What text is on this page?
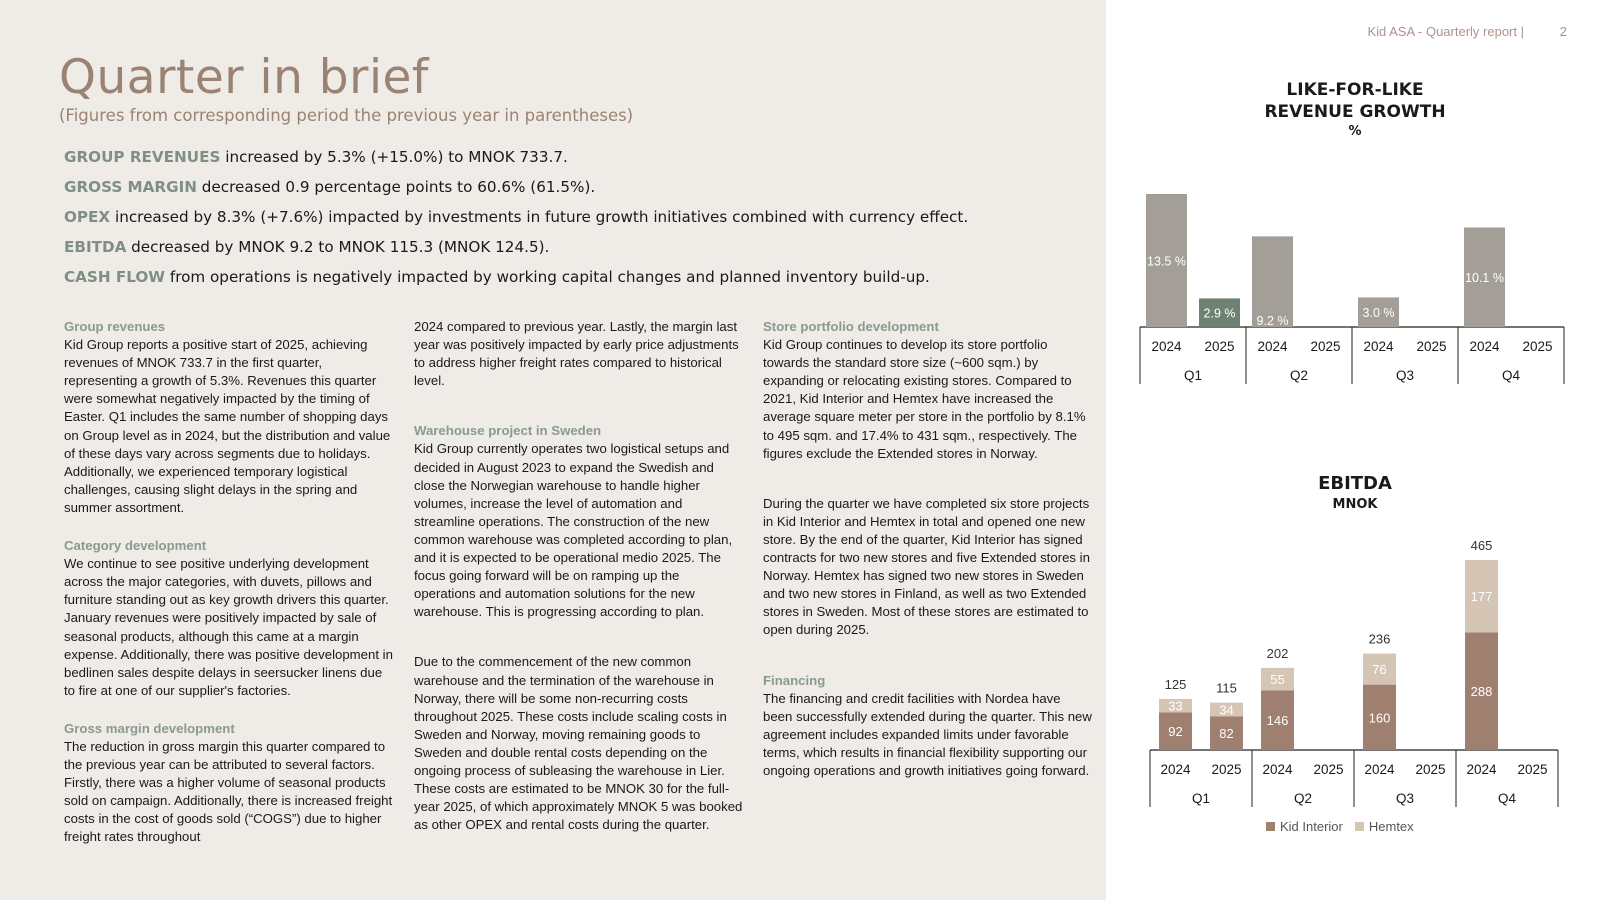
Quarter in brief
(Figures from corresponding period the previous year in parentheses)
GROUP REVENUES increased by 5.3% (+15.0%) to MNOK 733.7.
GROSS MARGIN decreased 0.9 percentage points to 60.6% (61.5%).
OPEX increased by 8.3% (+7.6%) impacted by investments in future growth initiatives combined with currency effect.
EBITDA decreased by MNOK 9.2 to MNOK 115.3 (MNOK 124.5).
CASH FLOW from operations is negatively impacted by working capital changes and planned inventory build-up.

Group revenues

Kid Group reports a positive start of 2025, achieving revenues of MNOK 733.7 in the first quarter, representing a growth of 5.3%. Revenues this quarter were somewhat negatively impacted by the timing of Easter. Q1 includes the same number of shopping days on Group level as in 2024, but the distribution and value of these days vary across segments due to holidays. Additionally, we experienced temporary logistical challenges, causing slight delays in the spring and summer assortment.

Category development

We continue to see positive underlying development across the major categories, with duvets, pillows and furniture standing out as key growth drivers this quarter. January revenues were positively impacted by sale of seasonal products, although this came at a margin expense. Additionally, there was positive development in bedlinen sales despite delays in seersucker linens due to fire at one of our supplier's factories.

Gross margin development

The reduction in gross margin this quarter compared to the previous year can be attributed to several factors. Firstly, there was a higher volume of seasonal products sold on campaign. Additionally, there is increased freight costs in the cost of goods sold (“COGS”) due to higher freight rates throughout

2024 compared to previous year. Lastly, the margin last year was positively impacted by early price adjustments to address higher freight rates compared to historical level.

Warehouse project in Sweden

Kid Group currently operates two logistical setups and decided in August 2023 to expand the Swedish and close the Norwegian warehouse to handle higher volumes, increase the level of automation and streamline operations. The construction of the new common warehouse was completed according to plan, and it is expected to be operational medio 2025. The focus going forward will be on ramping up the operations and automation solutions for the new warehouse. This is progressing according to plan.

Due to the commencement of the new common warehouse and the termination of the warehouse in Norway, there will be some non-recurring costs throughout 2025. These costs include scaling costs in Sweden and Norway, moving remaining goods to Sweden and double rental costs depending on the ongoing process of subleasing the warehouse in Lier. These costs are estimated to be MNOK 30 for the full-year 2025, of which approximately MNOK 5 was booked as other OPEX and rental costs during the quarter.

Store portfolio development

Kid Group continues to develop its store portfolio towards the standard store size (~600 sqm.) by expanding or relocating existing stores. Compared to 2021, Kid Interior and Hemtex have increased the average square meter per store in the portfolio by 8.1% to 495 sqm. and 17.4% to 431 sqm., respectively. The figures exclude the Extended stores in Norway.

During the quarter we have completed six store projects in Kid Interior and Hemtex in total and opened one new store. By the end of the quarter, Kid Interior has signed contracts for two new stores and five Extended stores in Norway. Hemtex has signed two new stores in Sweden and two new stores in Finland, as well as two Extended stores in Sweden. Most of these stores are estimated to open during 2025.

Financing

The financing and credit facilities with Nordea have been successfully extended during the quarter. This new agreement includes expanded limits under favorable terms, which results in financial flexibility supporting our ongoing operations and growth initiatives going forward.

Kid ASA - Quarterly report |	2
LIKE-FOR-LIKE
REVENUE GROWTH
%
2024 2025
Q1
2024 2025
Q2
2024 2025
Q3
2024 2025
Q4
13.5 %
2.9 %
9.2 %
3.0 %
10.1 %
EBITDA
MNOK
2024 2025
Q1
2024 2025
Q2
2024 2025
Q3
2024 2025
Q4
92
33
125
82
34
115
146
55
202
160
76
236
288
177
465
Kid Interior Hemtex
